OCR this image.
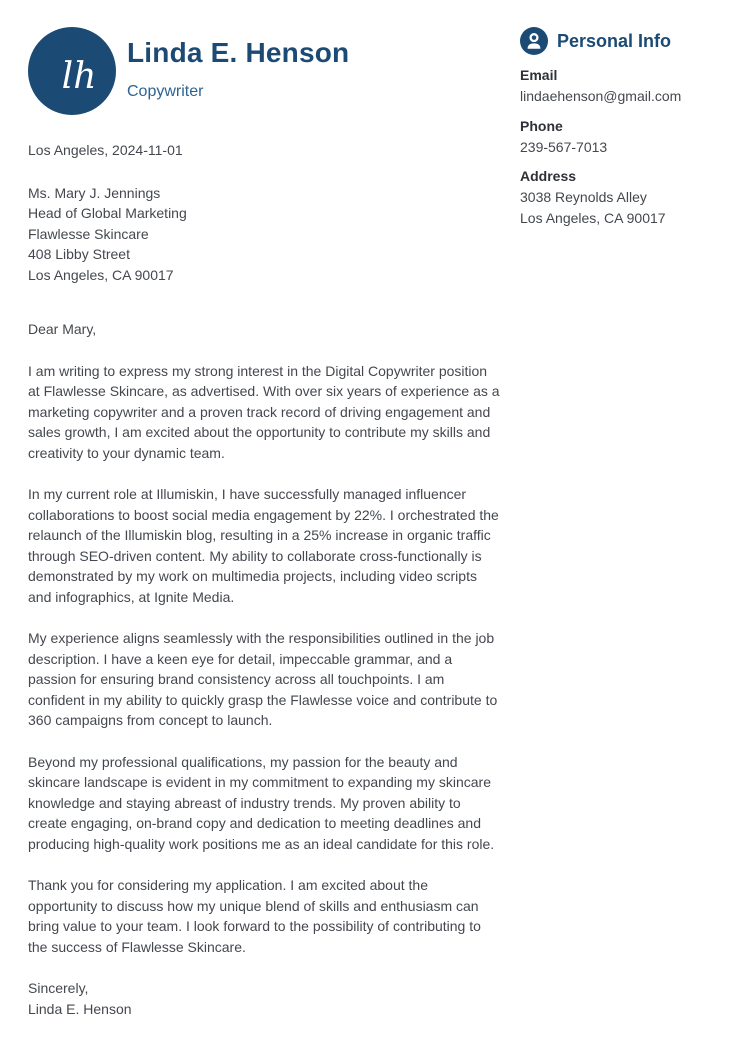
lh
Linda E. Henson
Copywriter

Los Angeles, 2024-11-01

Ms. Mary J. Jennings
Head of Global Marketing
Flawlesse Skincare
408 Libby Street
Los Angeles, CA 90017

Dear Mary,

I am writing to express my strong interest in the Digital Copywriter position at Flawlesse Skincare, as advertised. With over six years of experience as a marketing copywriter and a proven track record of driving engagement and sales growth, I am excited about the opportunity to contribute my skills and creativity to your dynamic team.

In my current role at Illumiskin, I have successfully managed influencer collaborations to boost social media engagement by 22%. I orchestrated the relaunch of the Illumiskin blog, resulting in a 25% increase in organic traffic through SEO-driven content. My ability to collaborate cross-functionally is demonstrated by my work on multimedia projects, including video scripts and infographics, at Ignite Media.

My experience aligns seamlessly with the responsibilities outlined in the job description. I have a keen eye for detail, impeccable grammar, and a passion for ensuring brand consistency across all touchpoints. I am confident in my ability to quickly grasp the Flawlesse voice and contribute to 360 campaigns from concept to launch.

Beyond my professional qualifications, my passion for the beauty and skincare landscape is evident in my commitment to expanding my skincare knowledge and staying abreast of industry trends. My proven ability to create engaging, on-brand copy and dedication to meeting deadlines and producing high-quality work positions me as an ideal candidate for this role.

Thank you for considering my application. I am excited about the opportunity to discuss how my unique blend of skills and enthusiasm can bring value to your team. I look forward to the possibility of contributing to the success of Flawlesse Skincare.

Sincerely,

Linda E. Henson
Personal Info
Email
lindaehenson@gmail.com
Phone
239-567-7013
Address
3038 Reynolds Alley
Los Angeles, CA 90017
